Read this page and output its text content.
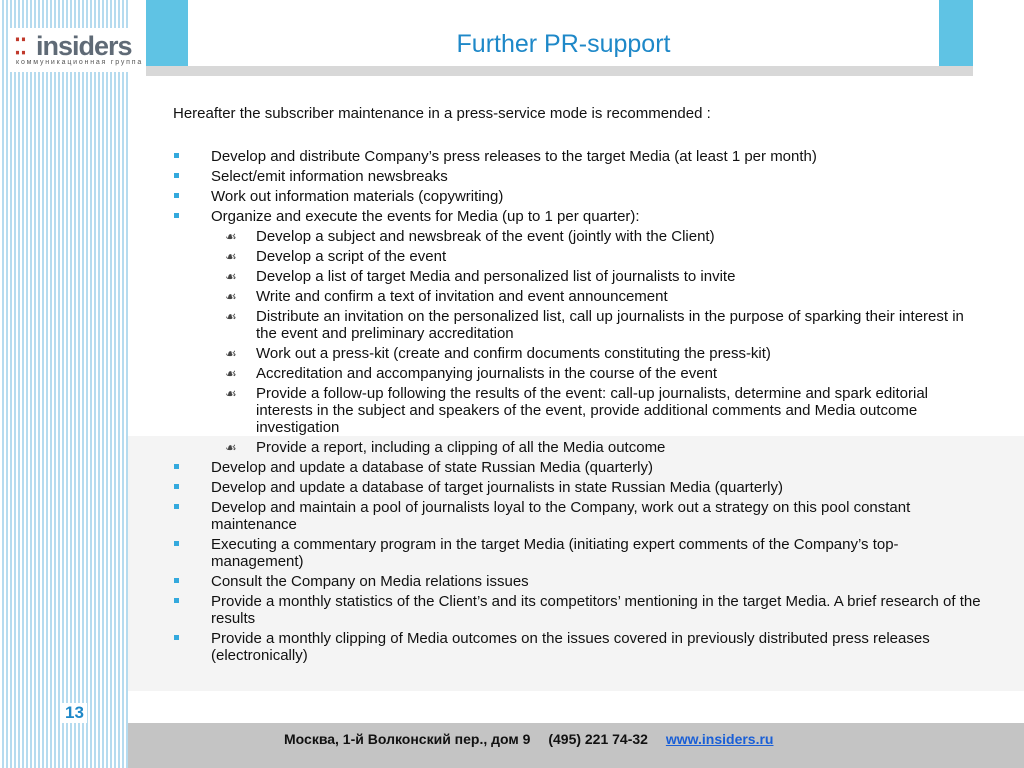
⁚⁚ insiders
коммуникационная группа
Further PR-support

Hereafter the subscriber maintenance in a press-service mode is recommended :

Develop and distribute Company’s press releases to the target Media (at least 1 per month)
Select/emit information newsbreaks
Work out information materials (copywriting)
Organize and execute the events for Media (up to 1 per quarter):
☙ Develop a subject and newsbreak of the event (jointly with the Client)
☙ Develop a script of the event
☙ Develop a list of target Media and personalized list of journalists to invite
☙ Write and confirm a text of invitation and event announcement
☙ Distribute an invitation on the personalized list, call up journalists in the purpose of sparking their interest in the event and preliminary accreditation
☙ Work out a press-kit (create and confirm documents constituting the press-kit)
☙ Accreditation and accompanying journalists in the course of the event
☙ Provide a follow-up following the results of the event: call-up journalists, determine and spark editorial interests in the subject and speakers of the event, provide additional comments and Media outcome investigation
☙ Provide a report, including a clipping of all the Media outcome
Develop and update a database of state Russian Media (quarterly)
Develop and update a database of target journalists in state Russian Media (quarterly)
Develop and maintain a pool of journalists loyal to the Company, work out a strategy on this pool constant maintenance
Executing a commentary program in the target Media (initiating expert comments of the Company’s top-management)
Consult the Company on Media relations issues
Provide a monthly statistics of the Client’s and its competitors’ mentioning in the target Media. A brief research of the results
Provide a monthly clipping of Media outcomes on the issues covered in previously distributed press releases (electronically)
Москва, 1-й Волконский пер., дом 9 (495) 221 74-32 www.insiders.ru
13
